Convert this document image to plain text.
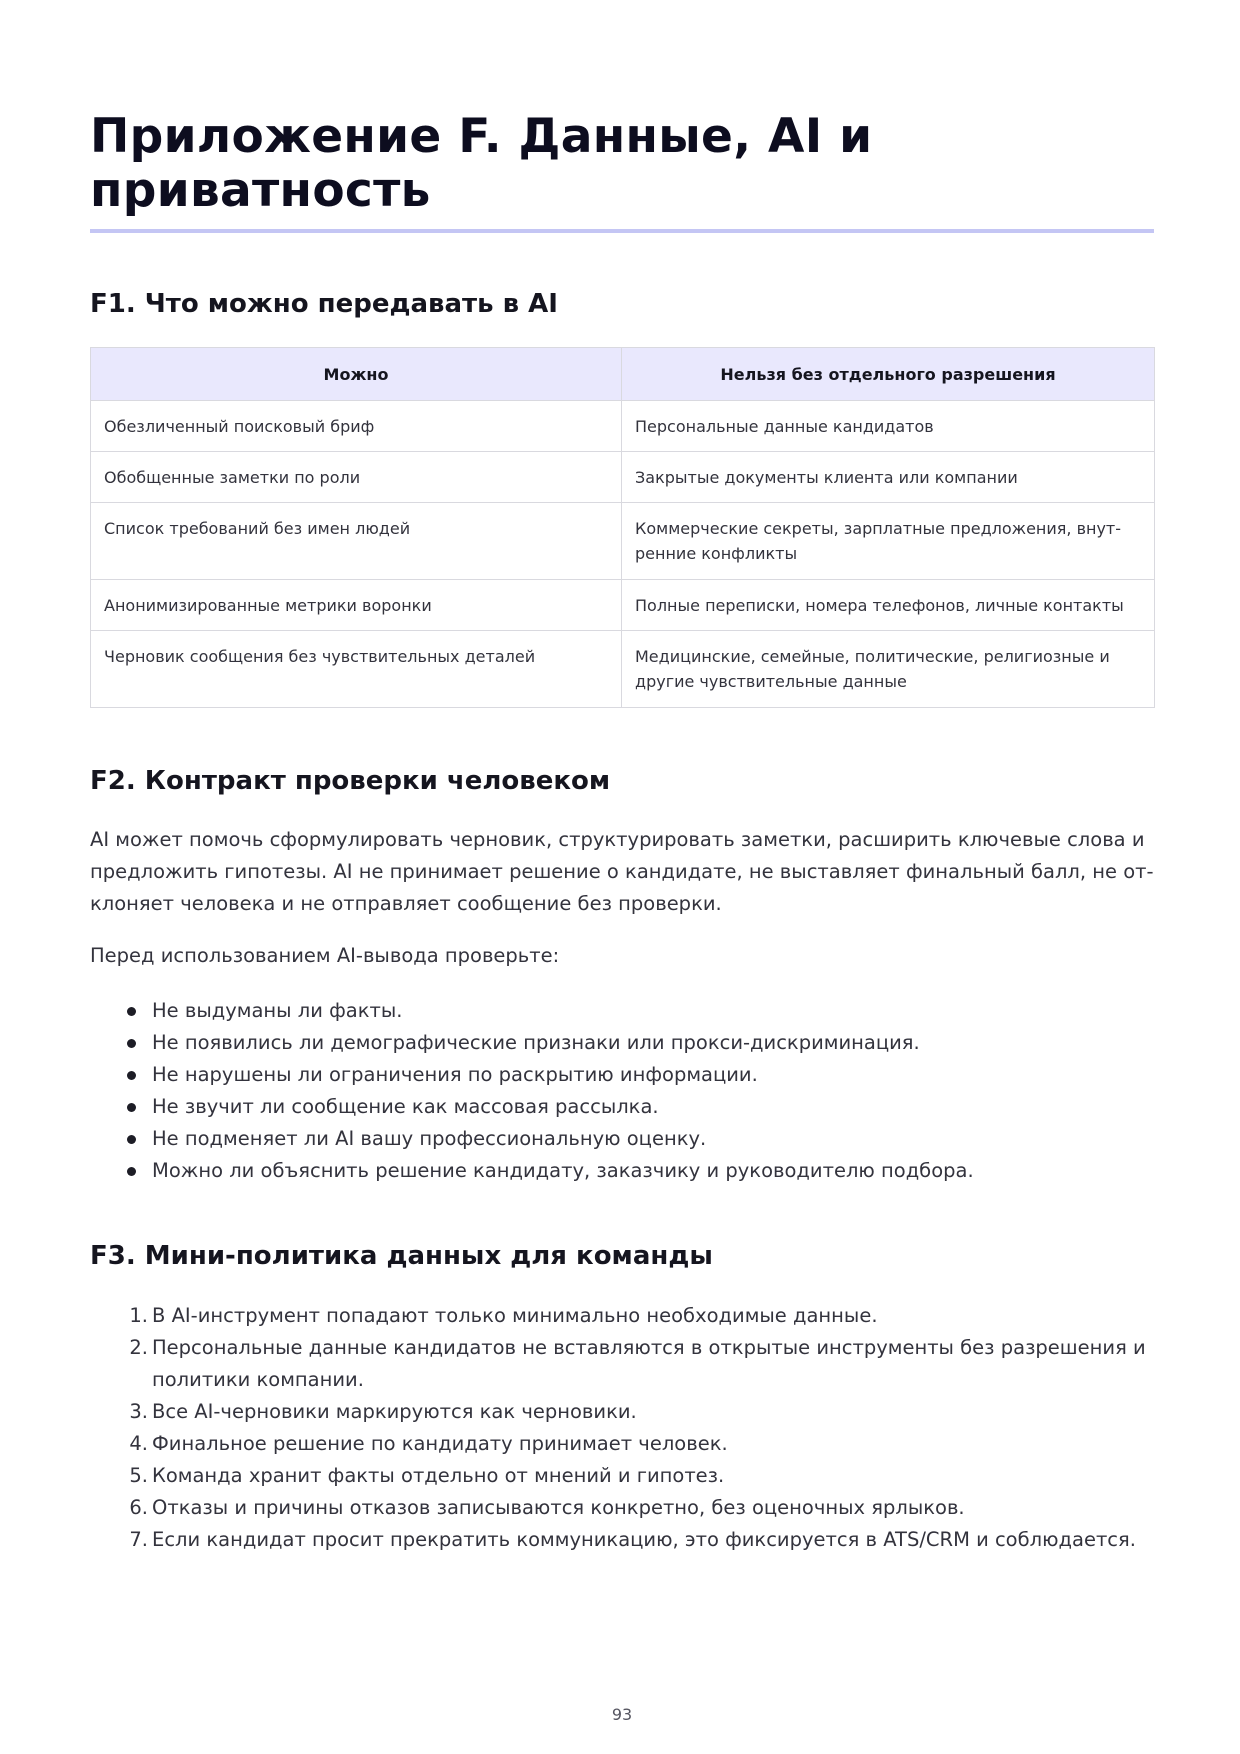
Приложение F. Данные, AI и приватность
F1. Что можно передавать в AI
Можно	Нельзя без отдельного разрешения
Обезличенный поисковый бриф	Персональные данные кандидатов
Обобщенные заметки по роли	Закрытые документы клиента или компании
Список требований без имен людей	Коммерческие секреты, зарплатные предложения, внутренние конфликты
Анонимизированные метрики воронки	Полные переписки, номера телефонов, личные контакты
Черновик сообщения без чувствительных деталей	Медицинские, семейные, политические, религиозные и другие чувствительные данные
F2. Контракт проверки человеком

AI может помочь сформулировать черновик, структурировать заметки, расширить ключевые слова и предложить гипотезы. AI не принимает решение о кандидате, не выставляет финальный балл, не отклоняет человека и не отправляет сообщение без проверки.

Перед использованием AI-вывода проверьте:

Не выдуманы ли факты.
Не появились ли демографические признаки или прокси-дискриминация.
Не нарушены ли ограничения по раскрытию информации.
Не звучит ли сообщение как массовая рассылка.
Не подменяет ли AI вашу профессиональную оценку.
Можно ли объяснить решение кандидату, заказчику и руководителю подбора.
F3. Мини-политика данных для команды
1. В AI-инструмент попадают только минимально необходимые данные.
2. Персональные данные кандидатов не вставляются в открытые инструменты без разрешения и политики компании.
3. Все AI-черновики маркируются как черновики.
4. Финальное решение по кандидату принимает человек.
5. Команда хранит факты отдельно от мнений и гипотез.
6. Отказы и причины отказов записываются конкретно, без оценочных ярлыков.
7. Если кандидат просит прекратить коммуникацию, это фиксируется в ATS/CRM и соблюдается.
93
